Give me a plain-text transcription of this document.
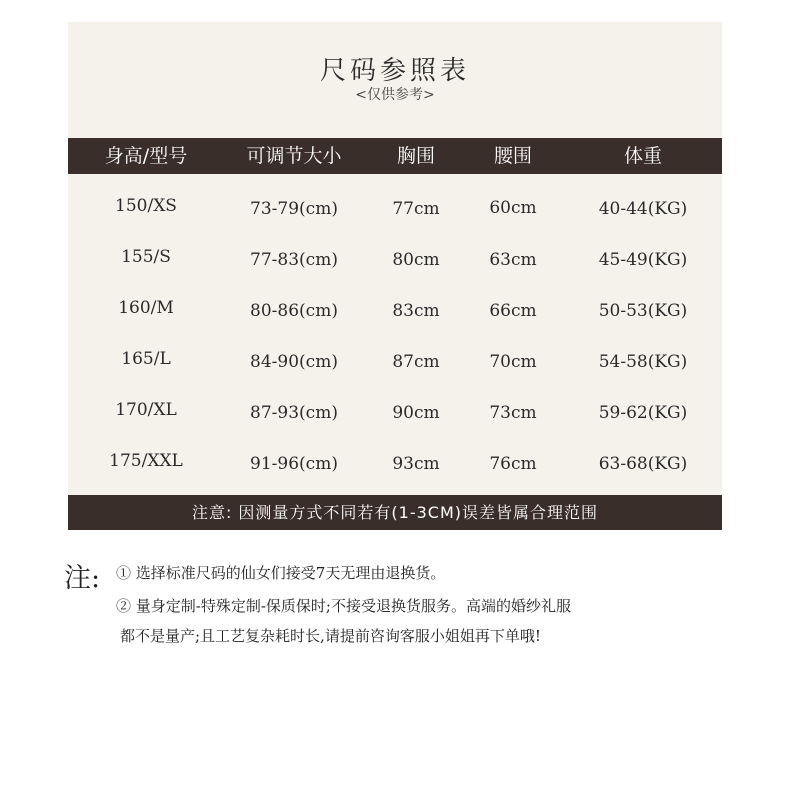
尺码参照表
<仅供参考>
身高/型号	可调节大小	胸围	腰围	体重
150/XS	73-79(cm)	77cm	60cm	40-44(KG)
155/S	77-83(cm)	80cm	63cm	45-49(KG)
160/M	80-86(cm)	83cm	66cm	50-53(KG)
165/L	84-90(cm)	87cm	70cm	54-58(KG)
170/XL	87-93(cm)	90cm	73cm	59-62(KG)
175/XXL	91-96(cm)	93cm	76cm	63-68(KG)
注意: 因测量方式不同若有(1-3CM)误差皆属合理范围
注: ① 选择标准尺码的仙女们接受7天无理由退换货。
② 量身定制-特殊定制-保质保时;不接受退换货服务。高端的婚纱礼服
都不是量产;且工艺复杂耗时长,请提前咨询客服小姐姐再下单哦!
